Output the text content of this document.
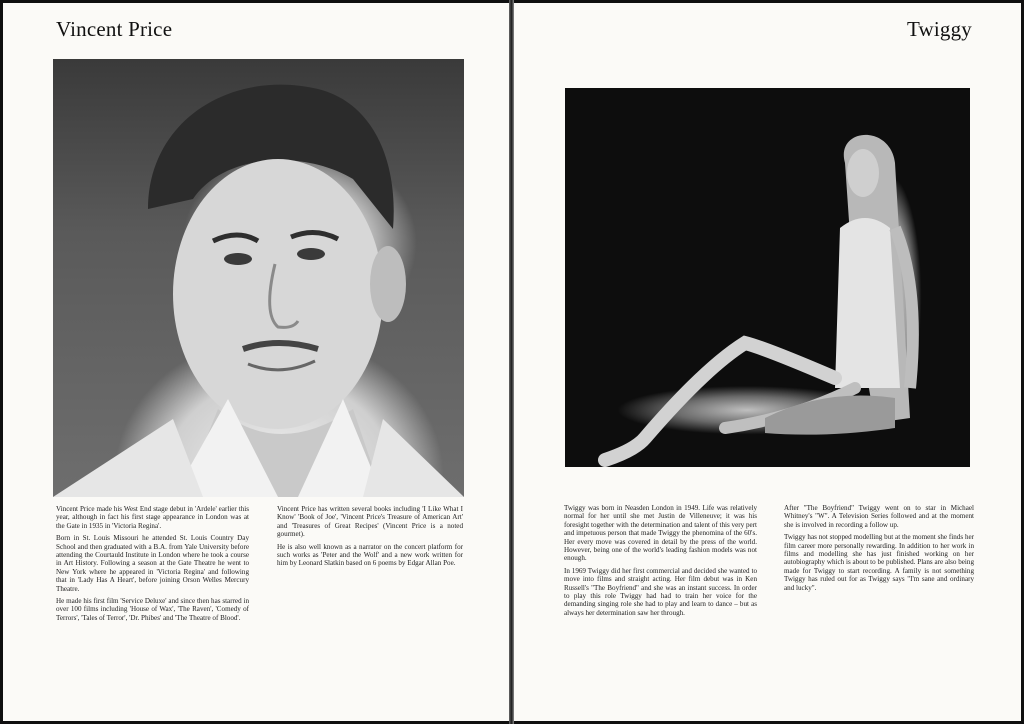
Vincent Price

Vincent Price made his West End stage debut in 'Ardele' earlier this year, although in fact his first stage appearance in London was at the Gate in 1935 in 'Victoria Regina'.

Born in St. Louis Missouri he attended St. Louis Country Day School and then graduated with a B.A. from Yale University before attending the Courtauld Institute in London where he took a course in Art History. Following a season at the Gate Theatre he went to New York where he appeared in 'Victoria Regina' and following that in 'Lady Has A Heart', before joining Orson Welles Mercury Theatre.

He made his first film 'Service Deluxe' and since then has starred in over 100 films including 'House of Wax', 'The Raven', 'Comedy of Terrors', 'Tales of Terror', 'Dr. Phibes' and 'The Theatre of Blood'.

Vincent Price has written several books including 'I Like What I Know' 'Book of Joe', 'Vincent Price's Treasure of American Art' and 'Treasures of Great Recipes' (Vincent Price is a noted gourmet).

He is also well known as a narrator on the concert platform for such works as 'Peter and the Wolf' and a new work written for him by Leonard Slatkin based on 6 poems by Edgar Allan Poe.

Twiggy

Twiggy was born in Neasden London in 1949. Life was relatively normal for her until she met Justin de Villeneuve; it was his foresight together with the determination and talent of this very pert and impetuous person that made Twiggy the phenomina of the 60's. Her every move was covered in detail by the press of the world. However, being one of the world's leading fashion models was not enough.

In 1969 Twiggy did her first commercial and decided she wanted to move into films and straight acting. Her film debut was in Ken Russell's "The Boyfriend" and she was an instant success. In order to play this role Twiggy had had to train her voice for the demanding singing role she had to play and learn to dance – but as always her determination saw her through.

After "The Boyfriend" Twiggy went on to star in Michael Whitney's "W". A Television Series followed and at the moment she is involved in recording a follow up.

Twiggy has not stopped modelling but at the moment she finds her film career more personally rewarding. In addition to her work in films and modelling she has just finished working on her autobiography which is about to be published. Plans are also being made for Twiggy to start recording. A family is not something Twiggy has ruled out for as Twiggy says "I'm sane and ordinary and lucky".
